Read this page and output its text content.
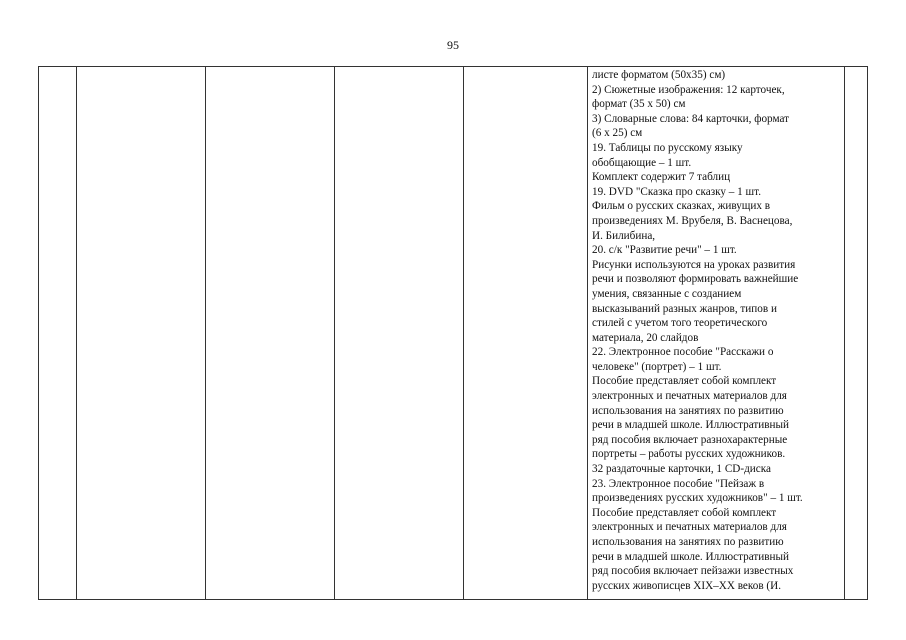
95

листе форматом (50х35) см)
2) Сюжетные изображения: 12 карточек,
формат (35 х 50) см
3) Словарные слова: 84 карточки, формат
(6 х 25) см
19. Таблицы по русскому языку
обобщающие – 1 шт.
Комплект содержит 7 таблиц
19. DVD "Сказка про сказку – 1 шт.
Фильм о русских сказках, живущих в
произведениях М. Врубеля, В. Васнецова,
И. Билибина,
20. с/к "Развитие речи" – 1 шт.
Рисунки используются на уроках развития
речи и позволяют формировать важнейшие
умения, связанные с созданием
высказываний разных жанров, типов и
стилей с учетом того теоретического
материала, 20 слайдов
22. Электронное пособие "Расскажи о
человеке" (портрет) – 1 шт.
Пособие представляет собой комплект
электронных и печатных материалов для
использования на занятиях по развитию
речи в младшей школе. Иллюстративный
ряд пособия включает разнохарактерные
портреты – работы русских художников.
32 раздаточные карточки, 1 CD-диска
23. Электронное пособие "Пейзаж в
произведениях русских художников" – 1 шт.
Пособие представляет собой комплект
электронных и печатных материалов для
использования на занятиях по развитию
речи в младшей школе. Иллюстративный
ряд пособия включает пейзажи известных
русских живописцев XIX–XX веков (И.
